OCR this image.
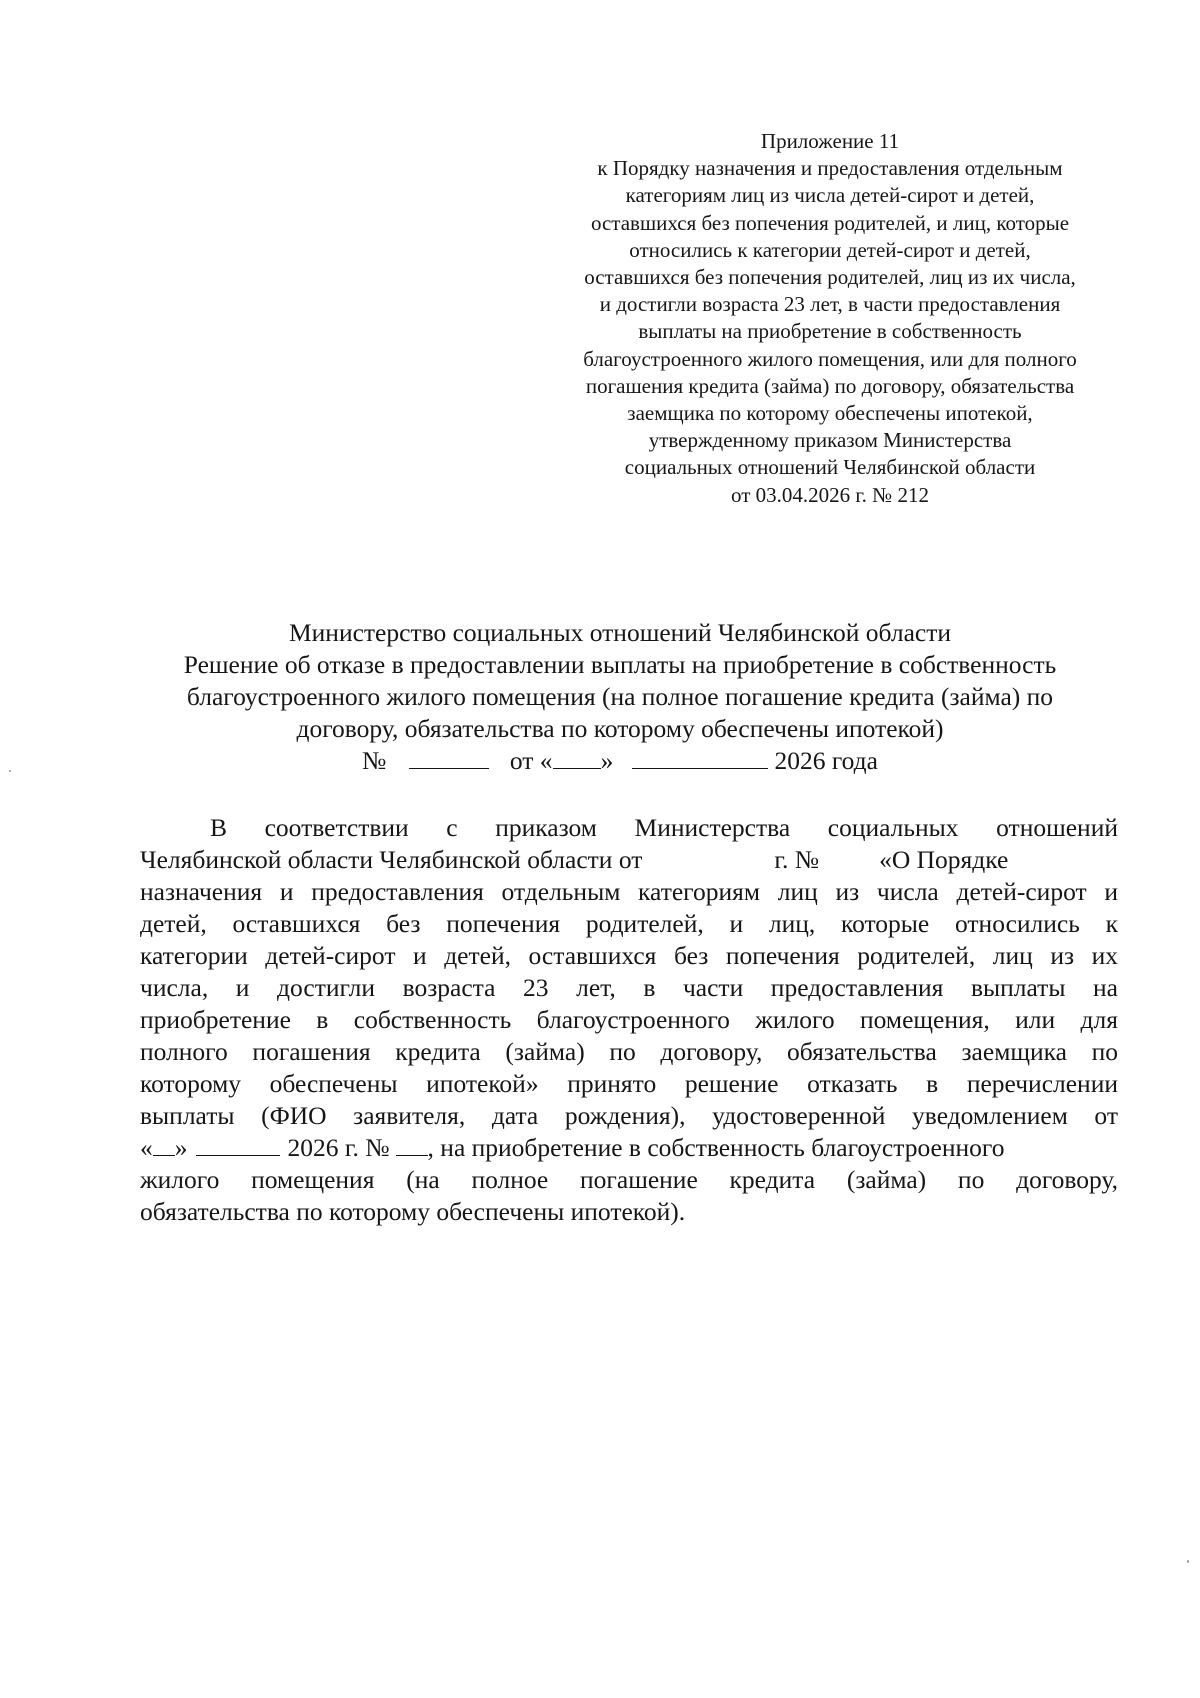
Приложение 11
к Порядку назначения и предоставления отдельным
категориям лиц из числа детей-сирот и детей,
оставшихся без попечения родителей, и лиц, которые
относились к категории детей-сирот и детей,
оставшихся без попечения родителей, лиц из их числа,
и достигли возраста 23 лет, в части предоставления
выплаты на приобретение в собственность
благоустроенного жилого помещения, или для полного
погашения кредита (займа) по договору, обязательства
заемщика по которому обеспечены ипотекой,
утвержденному приказом Министерства
социальных отношений Челябинской области
от 03.04.2026 г. № 212
Министерство социальных отношений Челябинской области
Решение об отказе в предоставлении выплаты на приобретение в собственность
благоустроенного жилого помещения (на полное погашение кредита (займа) по
договору, обязательства по которому обеспечены ипотекой)
№	от « »	2026 года
В соответствии с приказом Министерства социальных отношений
Челябинской области Челябинской области от	г. № «О Порядке
назначения и предоставления отдельным категориям лиц из числа детей-сирот и
детей, оставшихся без попечения родителей, и лиц, которые относились к
категории детей-сирот и детей, оставшихся без попечения родителей, лиц из их
числа, и достигли возраста 23 лет, в части предоставления выплаты на
приобретение в собственность благоустроенного жилого помещения, или для
полного погашения кредита (займа) по договору, обязательства заемщика по
которому обеспечены ипотекой» принято решение отказать в перечислении
выплаты (ФИО заявителя, дата рождения), удостоверенной уведомлением от
« »	2026 г. № , на приобретение в собственность благоустроенного
жилого помещения (на полное погашение кредита (займа) по договору,
обязательства по которому обеспечены ипотекой).
